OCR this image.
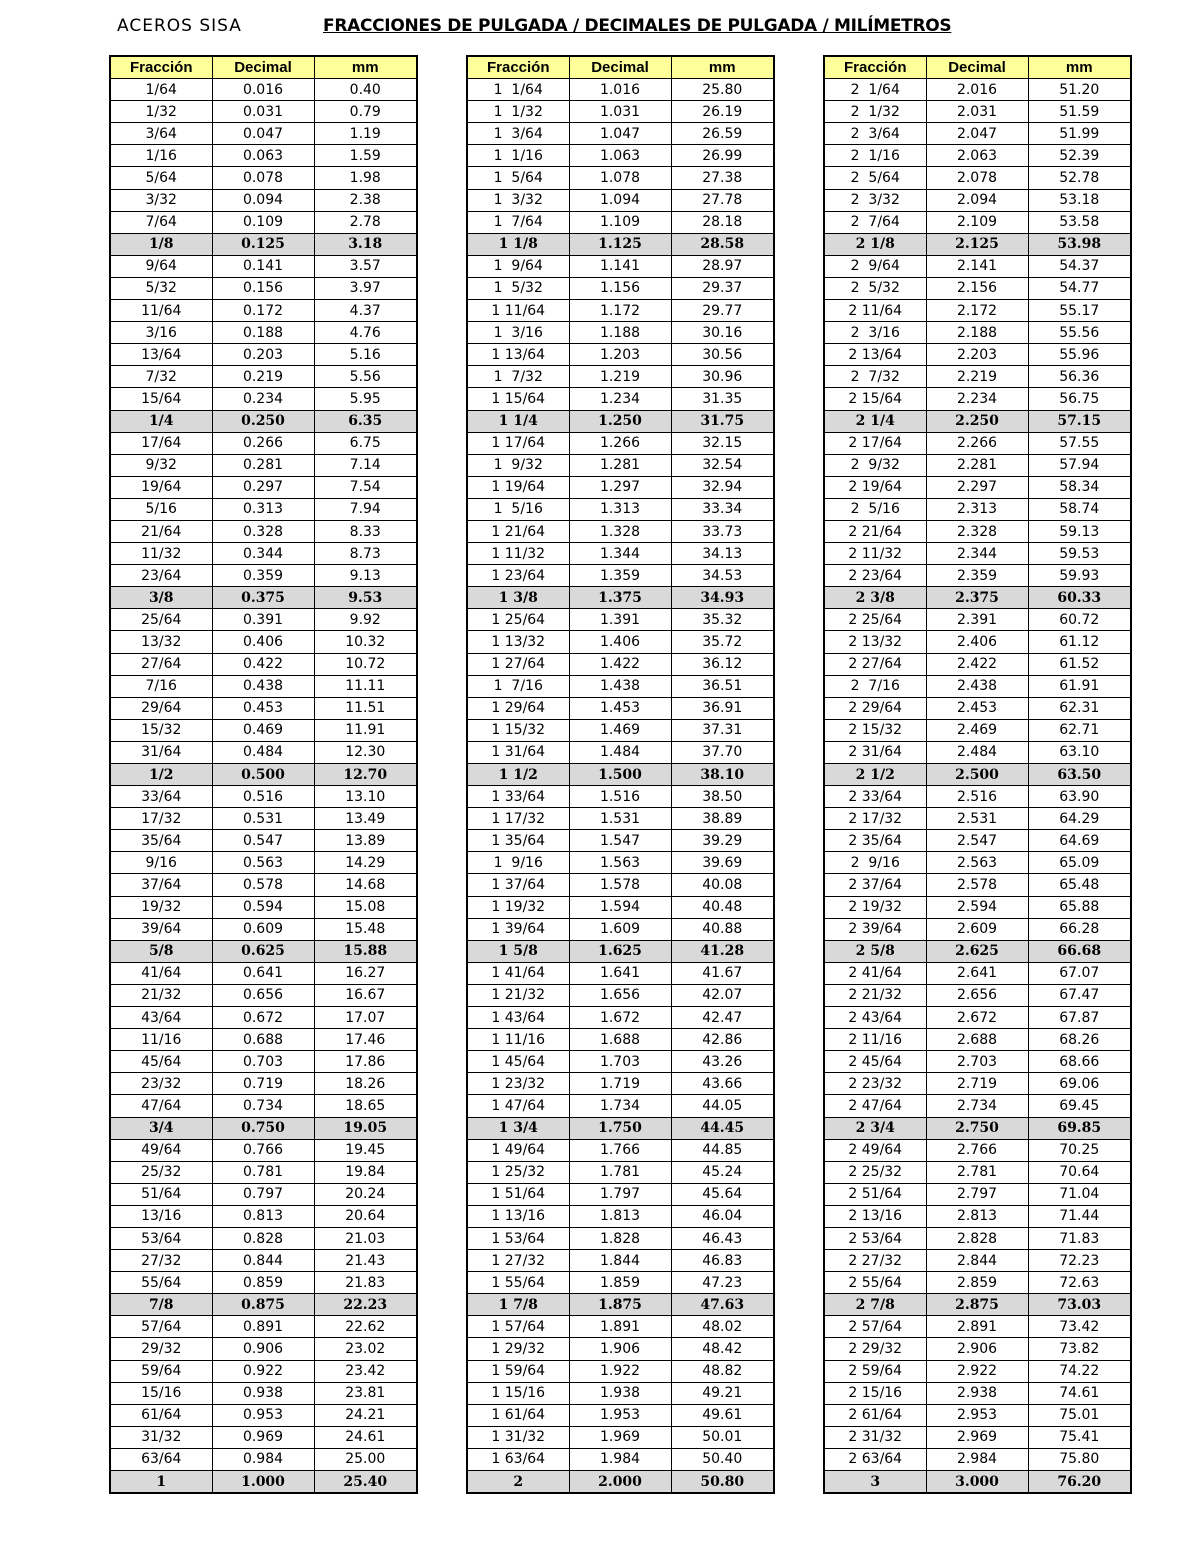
ACEROS SISA	FRACCIONES DE PULGADA / DECIMALES DE PULGADA / MILÍMETROS
Fracción	Decimal	mm
1/64	0.016	0.40
1/32	0.031	0.79
3/64	0.047	1.19
1/16	0.063	1.59
5/64	0.078	1.98
3/32	0.094	2.38
7/64	0.109	2.78
1/8	0.125	3.18
9/64	0.141	3.57
5/32	0.156	3.97
11/64	0.172	4.37
3/16	0.188	4.76
13/64	0.203	5.16
7/32	0.219	5.56
15/64	0.234	5.95
1/4	0.250	6.35
17/64	0.266	6.75
9/32	0.281	7.14
19/64	0.297	7.54
5/16	0.313	7.94
21/64	0.328	8.33
11/32	0.344	8.73
23/64	0.359	9.13
3/8	0.375	9.53
25/64	0.391	9.92
13/32	0.406	10.32
27/64	0.422	10.72
7/16	0.438	11.11
29/64	0.453	11.51
15/32	0.469	11.91
31/64	0.484	12.30
1/2	0.500	12.70
33/64	0.516	13.10
17/32	0.531	13.49
35/64	0.547	13.89
9/16	0.563	14.29
37/64	0.578	14.68
19/32	0.594	15.08
39/64	0.609	15.48
5/8	0.625	15.88
41/64	0.641	16.27
21/32	0.656	16.67
43/64	0.672	17.07
11/16	0.688	17.46
45/64	0.703	17.86
23/32	0.719	18.26
47/64	0.734	18.65
3/4	0.750	19.05
49/64	0.766	19.45
25/32	0.781	19.84
51/64	0.797	20.24
13/16	0.813	20.64
53/64	0.828	21.03
27/32	0.844	21.43
55/64	0.859	21.83
7/8	0.875	22.23
57/64	0.891	22.62
29/32	0.906	23.02
59/64	0.922	23.42
15/16	0.938	23.81
61/64	0.953	24.21
31/32	0.969	24.61
63/64	0.984	25.00
1	1.000	25.40
Fracción	Decimal	mm
1  1/64	1.016	25.80
1  1/32	1.031	26.19
1  3/64	1.047	26.59
1  1/16	1.063	26.99
1  5/64	1.078	27.38
1  3/32	1.094	27.78
1  7/64	1.109	28.18
1 1/8	1.125	28.58
1  9/64	1.141	28.97
1  5/32	1.156	29.37
1 11/64	1.172	29.77
1  3/16	1.188	30.16
1 13/64	1.203	30.56
1  7/32	1.219	30.96
1 15/64	1.234	31.35
1 1/4	1.250	31.75
1 17/64	1.266	32.15
1  9/32	1.281	32.54
1 19/64	1.297	32.94
1  5/16	1.313	33.34
1 21/64	1.328	33.73
1 11/32	1.344	34.13
1 23/64	1.359	34.53
1 3/8	1.375	34.93
1 25/64	1.391	35.32
1 13/32	1.406	35.72
1 27/64	1.422	36.12
1  7/16	1.438	36.51
1 29/64	1.453	36.91
1 15/32	1.469	37.31
1 31/64	1.484	37.70
1 1/2	1.500	38.10
1 33/64	1.516	38.50
1 17/32	1.531	38.89
1 35/64	1.547	39.29
1  9/16	1.563	39.69
1 37/64	1.578	40.08
1 19/32	1.594	40.48
1 39/64	1.609	40.88
1 5/8	1.625	41.28
1 41/64	1.641	41.67
1 21/32	1.656	42.07
1 43/64	1.672	42.47
1 11/16	1.688	42.86
1 45/64	1.703	43.26
1 23/32	1.719	43.66
1 47/64	1.734	44.05
1 3/4	1.750	44.45
1 49/64	1.766	44.85
1 25/32	1.781	45.24
1 51/64	1.797	45.64
1 13/16	1.813	46.04
1 53/64	1.828	46.43
1 27/32	1.844	46.83
1 55/64	1.859	47.23
1 7/8	1.875	47.63
1 57/64	1.891	48.02
1 29/32	1.906	48.42
1 59/64	1.922	48.82
1 15/16	1.938	49.21
1 61/64	1.953	49.61
1 31/32	1.969	50.01
1 63/64	1.984	50.40
2	2.000	50.80
Fracción	Decimal	mm
2  1/64	2.016	51.20
2  1/32	2.031	51.59
2  3/64	2.047	51.99
2  1/16	2.063	52.39
2  5/64	2.078	52.78
2  3/32	2.094	53.18
2  7/64	2.109	53.58
2 1/8	2.125	53.98
2  9/64	2.141	54.37
2  5/32	2.156	54.77
2 11/64	2.172	55.17
2  3/16	2.188	55.56
2 13/64	2.203	55.96
2  7/32	2.219	56.36
2 15/64	2.234	56.75
2 1/4	2.250	57.15
2 17/64	2.266	57.55
2  9/32	2.281	57.94
2 19/64	2.297	58.34
2  5/16	2.313	58.74
2 21/64	2.328	59.13
2 11/32	2.344	59.53
2 23/64	2.359	59.93
2 3/8	2.375	60.33
2 25/64	2.391	60.72
2 13/32	2.406	61.12
2 27/64	2.422	61.52
2  7/16	2.438	61.91
2 29/64	2.453	62.31
2 15/32	2.469	62.71
2 31/64	2.484	63.10
2 1/2	2.500	63.50
2 33/64	2.516	63.90
2 17/32	2.531	64.29
2 35/64	2.547	64.69
2  9/16	2.563	65.09
2 37/64	2.578	65.48
2 19/32	2.594	65.88
2 39/64	2.609	66.28
2 5/8	2.625	66.68
2 41/64	2.641	67.07
2 21/32	2.656	67.47
2 43/64	2.672	67.87
2 11/16	2.688	68.26
2 45/64	2.703	68.66
2 23/32	2.719	69.06
2 47/64	2.734	69.45
2 3/4	2.750	69.85
2 49/64	2.766	70.25
2 25/32	2.781	70.64
2 51/64	2.797	71.04
2 13/16	2.813	71.44
2 53/64	2.828	71.83
2 27/32	2.844	72.23
2 55/64	2.859	72.63
2 7/8	2.875	73.03
2 57/64	2.891	73.42
2 29/32	2.906	73.82
2 59/64	2.922	74.22
2 15/16	2.938	74.61
2 61/64	2.953	75.01
2 31/32	2.969	75.41
2 63/64	2.984	75.80
3	3.000	76.20
